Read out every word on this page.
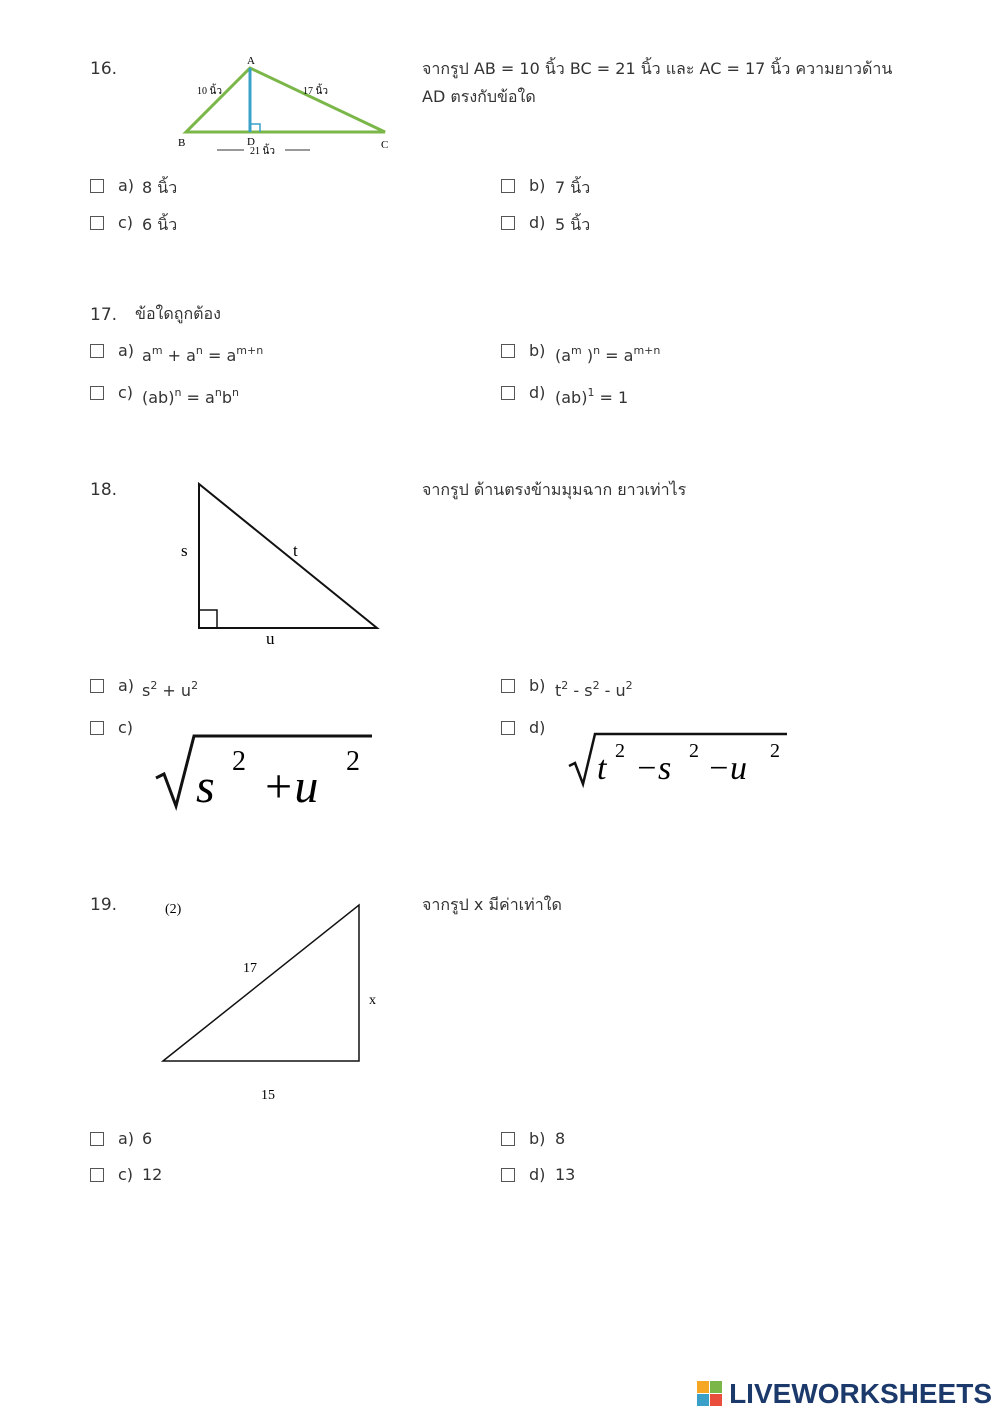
16.	A
B	C
D
10 นิ้ว	17 นิ้ว
21 นิ้ว
จากรูป AB = 10 นิ้ว BC = 21 นิ้ว และ AC = 17 นิ้ว ความยาวด้าน AD ตรงกับข้อใด
a) 8 นิ้ว	b) 7 นิ้ว
c) 6 นิ้ว	d) 5 นิ้ว
17. ข้อใดถูกต้อง
a) $a^m + a^n = a^{m+n}$	b) ($a^m$ )$^n = a^{m+n}$
c) $(ab)^n = a^nb^n$	d) (ab)$^1$ = 1
18.
s	t
u
จากรูป ด้านตรงข้ามมุมฉาก ยาวเท่าไร
a) $s^2 + u^2$	b) $t^2 - s^2 - u^2$
c)
s 2 +u 2
d)
t 2 −s 2 −u 2
19.	(2)
17
x
15
จากรูป x มีค่าเท่าใด
a) 6	b) 8
c) 12	d) 13
LIVEWORKSHEETS
